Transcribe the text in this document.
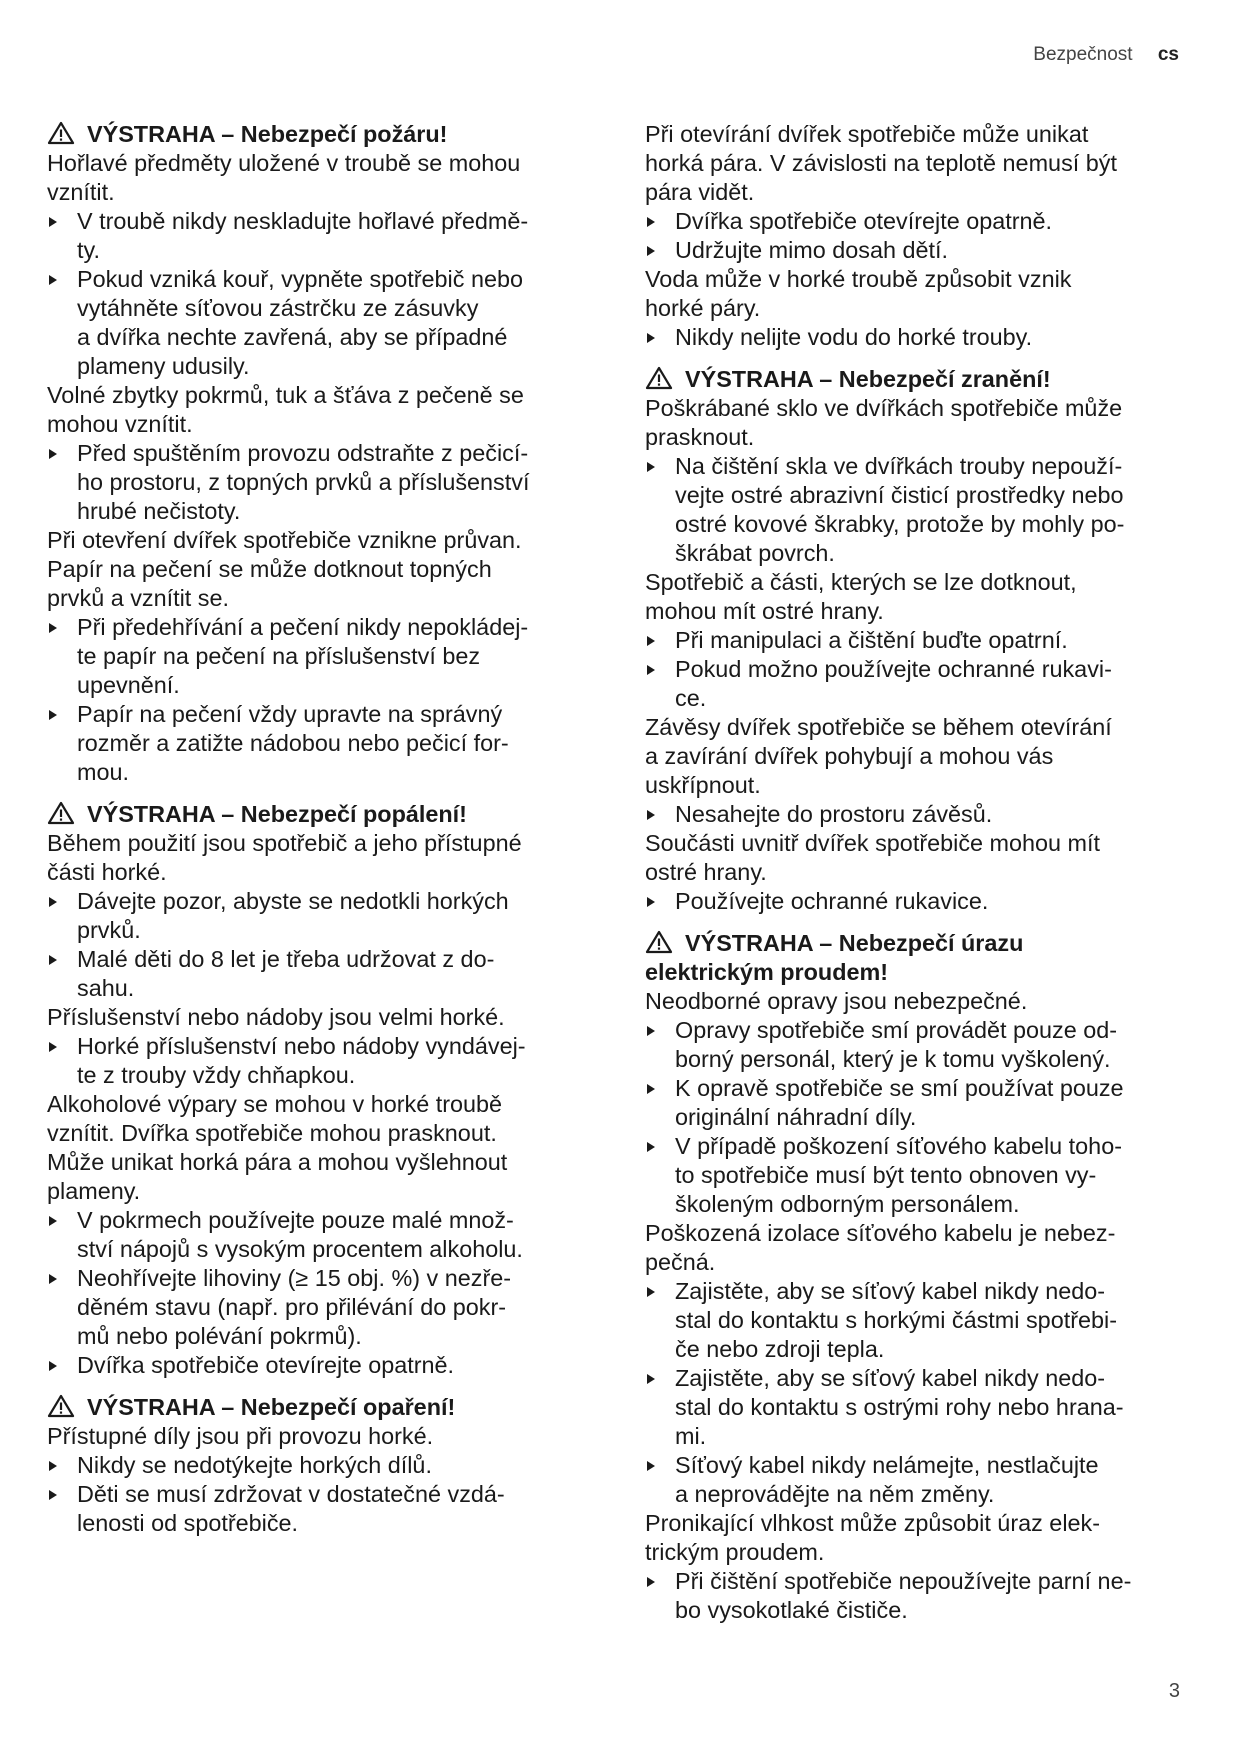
Bezpečnost cs
VÝSTRAHA – Nebezpečí požáru!
Hořlavé předměty uložené v troubě se mohou
vznítit.
V troubě nikdy neskladujte hořlavé předmě-
ty.
Pokud vzniká kouř, vypněte spotřebič nebo
vytáhněte síťovou zástrčku ze zásuvky
a dvířka nechte zavřená, aby se případné
plameny udusily.
Volné zbytky pokrmů, tuk a šťáva z pečeně se
mohou vznítit.
Před spuštěním provozu odstraňte z pečicí-
ho prostoru, z topných prvků a příslušenství
hrubé nečistoty.
Při otevření dvířek spotřebiče vznikne průvan.
Papír na pečení se může dotknout topných
prvků a vznítit se.
Při předehřívání a pečení nikdy nepokládej-
te papír na pečení na příslušenství bez
upevnění.
Papír na pečení vždy upravte na správný
rozměr a zatižte nádobou nebo pečicí for-
mou.
VÝSTRAHA – Nebezpečí popálení!
Během použití jsou spotřebič a jeho přístupné
části horké.
Dávejte pozor, abyste se nedotkli horkých
prvků.
Malé děti do 8 let je třeba udržovat z do-
sahu.
Příslušenství nebo nádoby jsou velmi horké.
Horké příslušenství nebo nádoby vyndávej-
te z trouby vždy chňapkou.
Alkoholové výpary se mohou v horké troubě
vznítit. Dvířka spotřebiče mohou prasknout.
Může unikat horká pára a mohou vyšlehnout
plameny.
V pokrmech používejte pouze malé množ-
ství nápojů s vysokým procentem alkoholu.
Neohřívejte lihoviny (≥ 15 obj. %) v nezře-
děném stavu (např. pro přilévání do pokr-
mů nebo polévání pokrmů).
Dvířka spotřebiče otevírejte opatrně.
VÝSTRAHA – Nebezpečí opaření!
Přístupné díly jsou při provozu horké.
Nikdy se nedotýkejte horkých dílů.
Děti se musí zdržovat v dostatečné vzdá-
lenosti od spotřebiče.
Při otevírání dvířek spotřebiče může unikat
horká pára. V závislosti na teplotě nemusí být
pára vidět.
Dvířka spotřebiče otevírejte opatrně.
Udržujte mimo dosah dětí.
Voda může v horké troubě způsobit vznik
horké páry.
Nikdy nelijte vodu do horké trouby.
VÝSTRAHA – Nebezpečí zranění!
Poškrábané sklo ve dvířkách spotřebiče může
prasknout.
Na čištění skla ve dvířkách trouby nepouží-
vejte ostré abrazivní čisticí prostředky nebo
ostré kovové škrabky, protože by mohly po-
škrábat povrch.
Spotřebič a části, kterých se lze dotknout,
mohou mít ostré hrany.
Při manipulaci a čištění buďte opatrní.
Pokud možno používejte ochranné rukavi-
ce.
Závěsy dvířek spotřebiče se během otevírání
a zavírání dvířek pohybují a mohou vás
uskřípnout.
Nesahejte do prostoru závěsů.
Součásti uvnitř dvířek spotřebiče mohou mít
ostré hrany.
Používejte ochranné rukavice.
VÝSTRAHA – Nebezpečí úrazu
elektrickým proudem!
Neodborné opravy jsou nebezpečné.
Opravy spotřebiče smí provádět pouze od-
borný personál, který je k tomu vyškolený.
K opravě spotřebiče se smí používat pouze
originální náhradní díly.
V případě poškození síťového kabelu toho-
to spotřebiče musí být tento obnoven vy-
školeným odborným personálem.
Poškozená izolace síťového kabelu je nebez-
pečná.
Zajistěte, aby se síťový kabel nikdy nedo-
stal do kontaktu s horkými částmi spotřebi-
če nebo zdroji tepla.
Zajistěte, aby se síťový kabel nikdy nedo-
stal do kontaktu s ostrými rohy nebo hrana-
mi.
Síťový kabel nikdy nelámejte, nestlačujte
a neprovádějte na něm změny.
Pronikající vlhkost může způsobit úraz elek-
trickým proudem.
Při čištění spotřebiče nepoužívejte parní ne-
bo vysokotlaké čističe.
3
